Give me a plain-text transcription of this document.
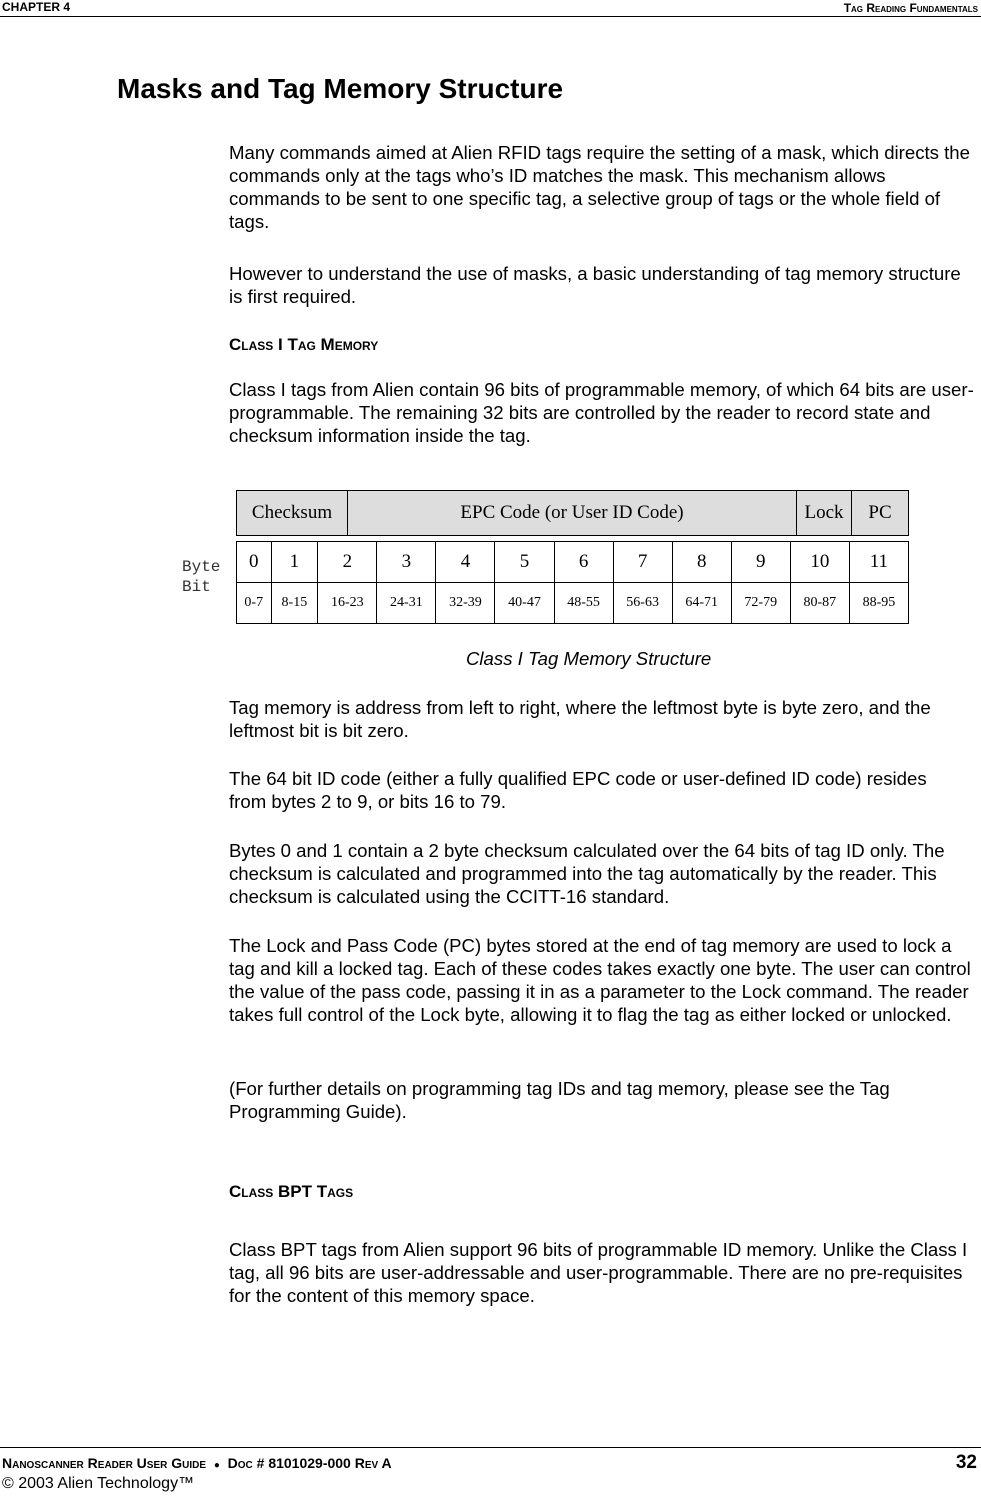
CHAPTER 4	Tag Reading Fundamentals
Masks and Tag Memory Structure
Many commands aimed at Alien RFID tags require the setting of a mask, which directs the commands only at the tags who’s ID matches the mask. This mechanism allows commands to be sent to one specific tag, a selective group of tags or the whole field of tags.
However to understand the use of masks, a basic understanding of tag memory structure is first required.
Class I Tag Memory
Class I tags from Alien contain 96 bits of programmable memory, of which 64 bits are user-programmable. The remaining 32 bits are controlled by the reader to record state and checksum information inside the tag.
Checksum	EPC Code (or User ID Code)	Lock	PC
Byte
Bit
0	1	2	3	4	5	6	7	8	9	10	11
0-7	8-15	16-23	24-31	32-39	40-47	48-55	56-63	64-71	72-79	80-87	88-95
Class I Tag Memory Structure
Tag memory is address from left to right, where the leftmost byte is byte zero, and the leftmost bit is bit zero.
The 64 bit ID code (either a fully qualified EPC code or user-defined ID code) resides from bytes 2 to 9, or bits 16 to 79.
Bytes 0 and 1 contain a 2 byte checksum calculated over the 64 bits of tag ID only. The checksum is calculated and programmed into the tag automatically by the reader. This checksum is calculated using the CCITT-16 standard.
The Lock and Pass Code (PC) bytes stored at the end of tag memory are used to lock a tag and kill a locked tag. Each of these codes takes exactly one byte. The user can control the value of the pass code, passing it in as a parameter to the Lock command. The reader takes full control of the Lock byte, allowing it to flag the tag as either locked or unlocked.
(For further details on programming tag IDs and tag memory, please see the Tag Programming Guide).
Class BPT Tags
Class BPT tags from Alien support 96 bits of programmable ID memory. Unlike the Class I tag, all 96 bits are user-addressable and user-programmable. There are no pre-requisites for the content of this memory space.
Nanoscanner Reader User Guide ● Doc # 8101029-000 Rev A
© 2003 Alien Technology™
32
